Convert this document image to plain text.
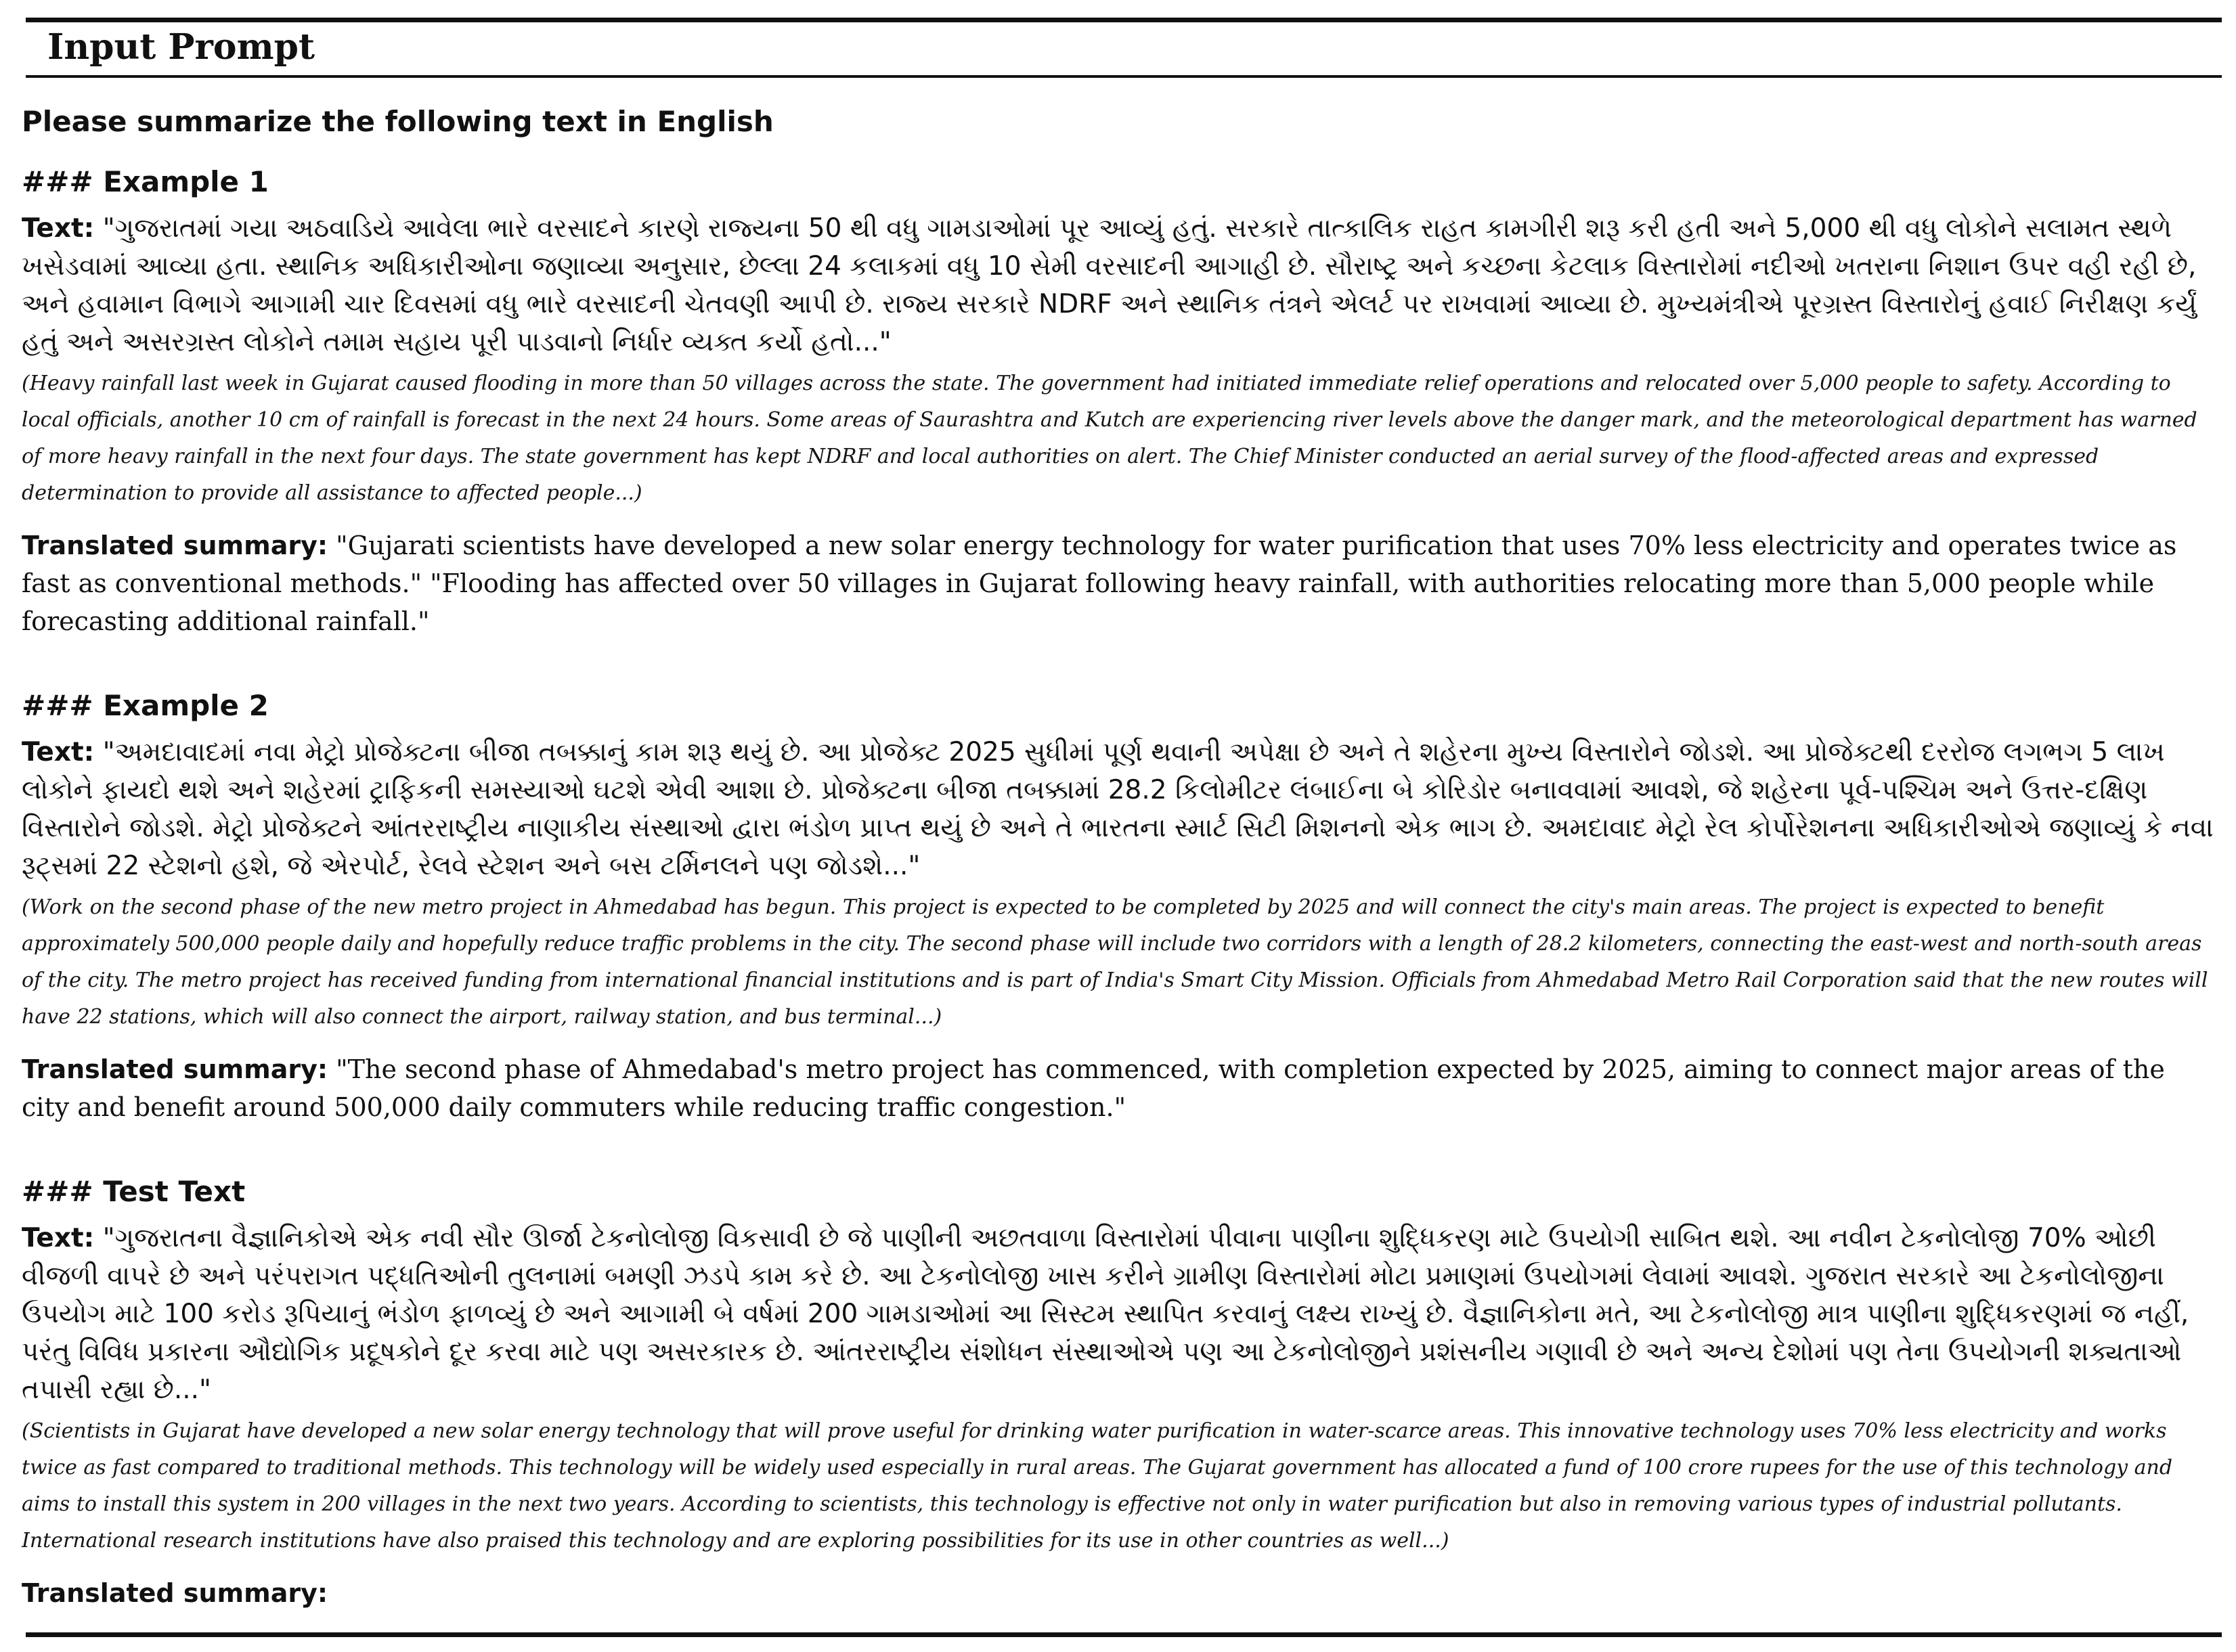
Input Prompt

Please summarize the following text in English

### Example 1

Text: "ગુજરાતમાં ગયા અઠવાડિયે આવેલા ભારે વરસાદને કારણે રાજ્યના 50 થી વધુ ગામડાઓમાં પૂર આવ્યું હતું. સરકારે તાત્કાલિક રાહત કામગીરી શરૂ કરી હતી અને 5,000 થી વધુ લોકોને સલામત સ્થળે ખસેડવામાં આવ્યા હતા. સ્થાનિક અધિકારીઓના જણાવ્યા અનુસાર, છેલ્લા 24 કલાકમાં વધુ 10 સેમી વરસાદની આગાહી છે. સૌરાષ્ટ્ર અને કચ્છના કેટલાક વિસ્તારોમાં નદીઓ ખતરાના નિશાન ઉપર વહી રહી છે, અને હવામાન વિભાગે આગામી ચાર દિવસમાં વધુ ભારે વરસાદની ચેતવણી આપી છે. રાજ્ય સરકારે NDRF અને સ્થાનિક તંત્રને એલર્ટ પર રાખવામાં આવ્યા છે. મુખ્યમંત્રીએ પૂરગ્રસ્ત વિસ્તારોનું હવાઈ નિરીક્ષણ કર્યું હતું અને અસરગ્રસ્ત લોકોને તમામ સહાય પૂરી પાડવાનો નિર્ધાર વ્યક્ત કર્યો હતો..."

(Heavy rainfall last week in Gujarat caused flooding in more than 50 villages across the state. The government had initiated immediate relief operations and relocated over 5,000 people to safety. According to local officials, another 10 cm of rainfall is forecast in the next 24 hours. Some areas of Saurashtra and Kutch are experiencing river levels above the danger mark, and the meteorological department has warned of more heavy rainfall in the next four days. The state government has kept NDRF and local authorities on alert. The Chief Minister conducted an aerial survey of the flood-affected areas and expressed determination to provide all assistance to affected people...)

Translated summary: "Gujarati scientists have developed a new solar energy technology for water purification that uses 70% less electricity and operates twice as fast as conventional methods." "Flooding has affected over 50 villages in Gujarat following heavy rainfall, with authorities relocating more than 5,000 people while forecasting additional rainfall."

### Example 2

Text: "અમદાવાદમાં નવા મેટ્રો પ્રોજેક્ટના બીજા તબક્કાનું કામ શરૂ થયું છે. આ પ્રોજેક્ટ 2025 સુધીમાં પૂર્ણ થવાની અપેક્ષા છે અને તે શહેરના મુખ્ય વિસ્તારોને જોડશે. આ પ્રોજેક્ટથી દરરોજ લગભગ 5 લાખ લોકોને ફાયદો થશે અને શહેરમાં ટ્રાફિકની સમસ્યાઓ ઘટશે એવી આશા છે. પ્રોજેક્ટના બીજા તબક્કામાં 28.2 કિલોમીટર લંબાઈના બે કોરિડોર બનાવવામાં આવશે, જે શહેરના પૂર્વ-પશ્ચિમ અને ઉત્તર-દક્ષિણ વિસ્તારોને જોડશે. મેટ્રો પ્રોજેક્ટને આંતરરાષ્ટ્રીય નાણાકીય સંસ્થાઓ દ્વારા ભંડોળ પ્રાપ્ત થયું છે અને તે ભારતના સ્માર્ટ સિટી મિશનનો એક ભાગ છે. અમદાવાદ મેટ્રો રેલ કોર્પોરેશનના અધિકારીઓએ જણાવ્યું કે નવા રૂટ્સમાં 22 સ્ટેશનો હશે, જે એરપોર્ટ, રેલવે સ્ટેશન અને બસ ટર્મિનલને પણ જોડશે..."

(Work on the second phase of the new metro project in Ahmedabad has begun. This project is expected to be completed by 2025 and will connect the city's main areas. The project is expected to benefit approximately 500,000 people daily and hopefully reduce traffic problems in the city. The second phase will include two corridors with a length of 28.2 kilometers, connecting the east-west and north-south areas of the city. The metro project has received funding from international financial institutions and is part of India's Smart City Mission. Officials from Ahmedabad Metro Rail Corporation said that the new routes will have 22 stations, which will also connect the airport, railway station, and bus terminal...)

Translated summary: "The second phase of Ahmedabad's metro project has commenced, with completion expected by 2025, aiming to connect major areas of the city and benefit around 500,000 daily commuters while reducing traffic congestion."

### Test Text

Text: "ગુજરાતના વૈજ્ઞાનિકોએ એક નવી સૌર ઊર્જા ટેકનોલોજી વિકસાવી છે જે પાણીની અછતવાળા વિસ્તારોમાં પીવાના પાણીના શુદ્ધિકરણ માટે ઉપયોગી સાબિત થશે. આ નવીન ટેકનોલોજી 70% ઓછી વીજળી વાપરે છે અને પરંપરાગત પદ્ધતિઓની તુલનામાં બમણી ઝડપે કામ કરે છે. આ ટેકનોલોજી ખાસ કરીને ગ્રામીણ વિસ્તારોમાં મોટા પ્રમાણમાં ઉપયોગમાં લેવામાં આવશે. ગુજરાત સરકારે આ ટેકનોલોજીના ઉપયોગ માટે 100 કરોડ રૂપિયાનું ભંડોળ ફાળવ્યું છે અને આગામી બે વર્ષમાં 200 ગામડાઓમાં આ સિસ્ટમ સ્થાપિત કરવાનું લક્ષ્ય રાખ્યું છે. વૈજ્ઞાનિકોના મતે, આ ટેકનોલોજી માત્ર પાણીના શુદ્ધિકરણમાં જ નહીં, પરંતુ વિવિધ પ્રકારના ઔદ્યોગિક પ્રદૂષકોને દૂર કરવા માટે પણ અસરકારક છે. આંતરરાષ્ટ્રીય સંશોધન સંસ્થાઓએ પણ આ ટેકનોલોજીને પ્રશંસનીય ગણાવી છે અને અન્ય દેશોમાં પણ તેના ઉપયોગની શક્યતાઓ તપાસી રહ્યા છે..."

(Scientists in Gujarat have developed a new solar energy technology that will prove useful for drinking water purification in water-scarce areas. This innovative technology uses 70% less electricity and works twice as fast compared to traditional methods. This technology will be widely used especially in rural areas. The Gujarat government has allocated a fund of 100 crore rupees for the use of this technology and aims to install this system in 200 villages in the next two years. According to scientists, this technology is effective not only in water purification but also in removing various types of industrial pollutants. International research institutions have also praised this technology and are exploring possibilities for its use in other countries as well...)

Translated summary:
